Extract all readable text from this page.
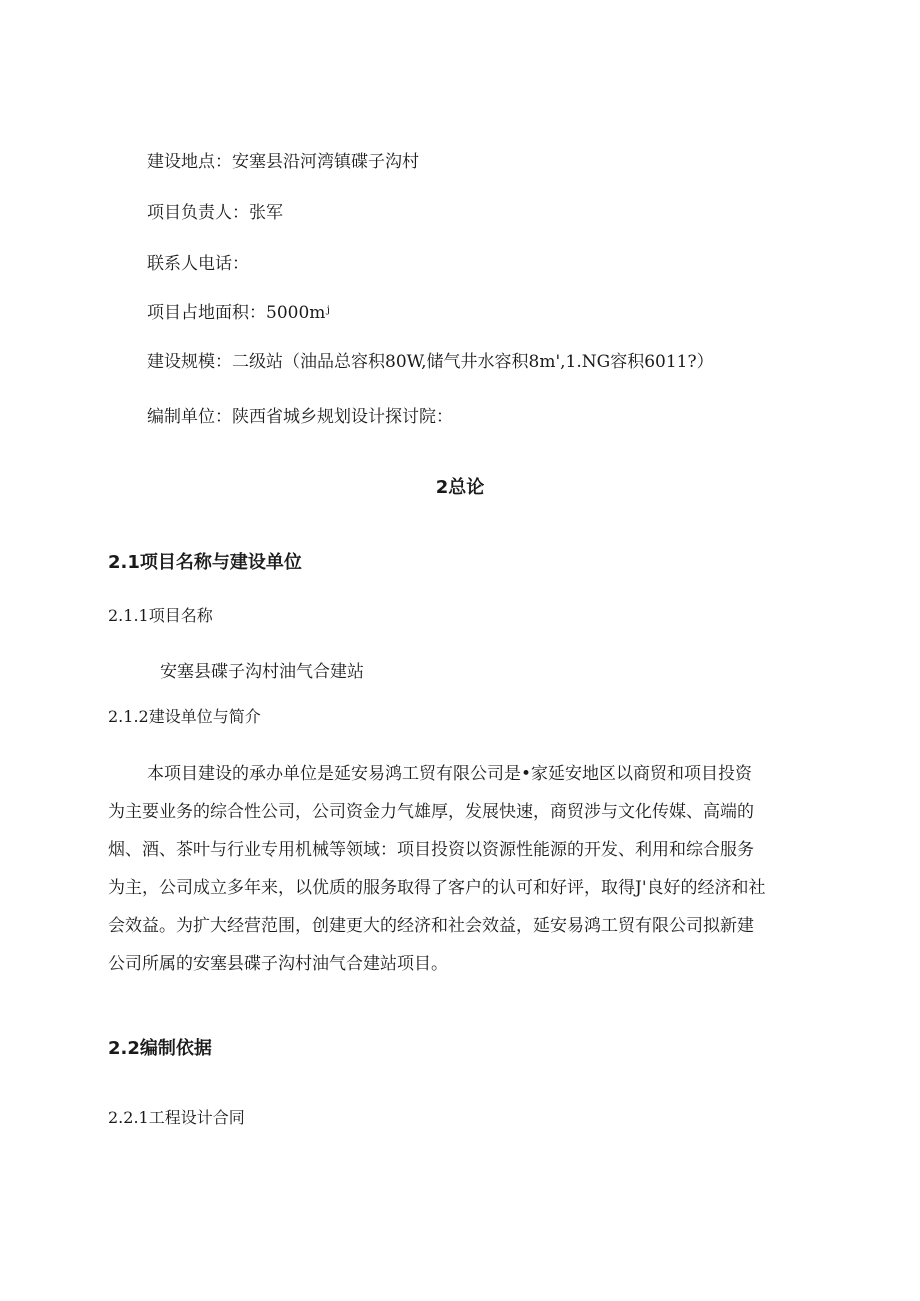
建设地点：安塞县沿河湾镇碟子沟村
项目负责人：张军
联系人电话：
项目占地面积：5000mʲ
建设规模：二级站（油品总容积80W,储气井水容积8m',1.NG容积6011?）
编制单位：陕西省城乡规划设计探讨院：
2总论
2.1项目名称与建设单位
2.1.1项目名称
安塞县碟子沟村油气合建站
2.1.2建设单位与简介
本项目建设的承办单位是延安易鸿工贸有限公司是•家延安地区以商贸和项目投资
为主要业务的综合性公司，公司资金力气雄厚，发展快速，商贸涉与文化传媒、高端的
烟、酒、茶叶与行业专用机械等领域：项目投资以资源性能源的开发、利用和综合服务
为主，公司成立多年来，以优质的服务取得了客户的认可和好评，取得J'良好的经济和社
会效益。为扩大经营范围，创建更大的经济和社会效益，延安易鸿工贸有限公司拟新建
公司所属的安塞县碟子沟村油气合建站项目。
2.2编制依据
2.2.1工程设计合同
